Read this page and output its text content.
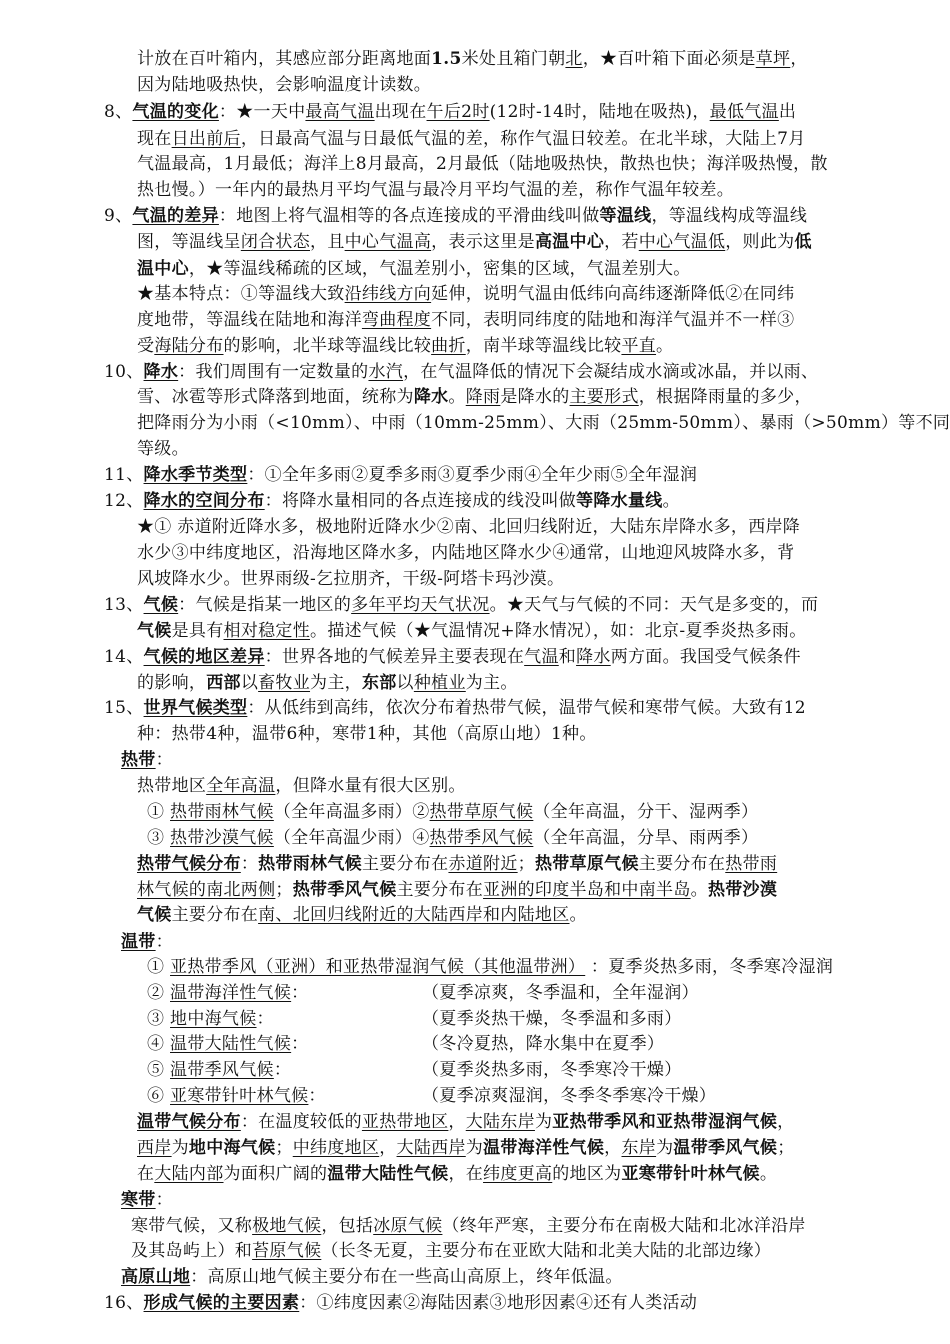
计放在百叶箱内，其感应部分距离地面1.5米处且箱门朝北，★百叶箱下面必须是草坪，
因为陆地吸热快，会影响温度计读数。
8、气温的变化：★一天中最高气温出现在午后2时(12时-14时，陆地在吸热)，最低气温出
现在日出前后，日最高气温与日最低气温的差，称作气温日较差。在北半球，大陆上7月
气温最高，1月最低；海洋上8月最高，2月最低（陆地吸热快，散热也快；海洋吸热慢，散
热也慢。）一年内的最热月平均气温与最冷月平均气温的差，称作气温年较差。
9、气温的差异：地图上将气温相等的各点连接成的平滑曲线叫做等温线，等温线构成等温线
图，等温线呈闭合状态，且中心气温高，表示这里是高温中心，若中心气温低，则此为低
温中心，★等温线稀疏的区域，气温差别小，密集的区域，气温差别大。
★基本特点：①等温线大致沿纬线方向延伸，说明气温由低纬向高纬逐渐降低②在同纬
度地带，等温线在陆地和海洋弯曲程度不同，表明同纬度的陆地和海洋气温并不一样③
受海陆分布的影响，北半球等温线比较曲折，南半球等温线比较平直。
10、降水：我们周围有一定数量的水汽，在气温降低的情况下会凝结成水滴或冰晶，并以雨、
雪、冰雹等形式降落到地面，统称为降水。降雨是降水的主要形式，根据降雨量的多少，
把降雨分为小雨（<10mm）、中雨（10mm-25mm）、大雨（25mm-50mm）、暴雨（>50mm）等不同
等级。
11、降水季节类型：①全年多雨②夏季多雨③夏季少雨④全年少雨⑤全年湿润
12、降水的空间分布：将降水量相同的各点连接成的线没叫做等降水量线。
★① 赤道附近降水多，极地附近降水少②南、北回归线附近，大陆东岸降水多，西岸降
水少③中纬度地区，沿海地区降水多，内陆地区降水少④通常，山地迎风坡降水多，背
风坡降水少。世界雨级-乞拉朋齐，干级-阿塔卡玛沙漠。
13、气候：气候是指某一地区的多年平均天气状况。★天气与气候的不同：天气是多变的，而
气候是具有相对稳定性。描述气候（★气温情况+降水情况），如：北京-夏季炎热多雨。
14、气候的地区差异：世界各地的气候差异主要表现在气温和降水两方面。我国受气候条件
的影响，西部以畜牧业为主，东部以种植业为主。
15、世界气候类型：从低纬到高纬，依次分布着热带气候，温带气候和寒带气候。大致有12
种：热带4种，温带6种，寒带1种，其他（高原山地）1种。
热带：
热带地区全年高温，但降水量有很大区别。
① 热带雨林气候（全年高温多雨）②热带草原气候（全年高温，分干、湿两季）
③ 热带沙漠气候（全年高温少雨）④热带季风气候（全年高温，分旱、雨两季）
热带气候分布：热带雨林气候主要分布在赤道附近；热带草原气候主要分布在热带雨
林气候的南北两侧；热带季风气候主要分布在亚洲的印度半岛和中南半岛。热带沙漠
气候主要分布在南、北回归线附近的大陆西岸和内陆地区。
温带：
① 亚热带季风（亚洲）和亚热带湿润气候（其他温带洲） ：夏季炎热多雨，冬季寒冷湿润
② 温带海洋性气候：
③ 地中海气候：
④ 温带大陆性气候：
⑤ 温带季风气候：
⑥ 亚寒带针叶林气候：
温带气候分布：在温度较低的亚热带地区，大陆东岸为亚热带季风和亚热带湿润气候，
西岸为地中海气候；中纬度地区，大陆西岸为温带海洋性气候，东岸为温带季风气候；
在大陆内部为面积广阔的温带大陆性气候，在纬度更高的地区为亚寒带针叶林气候。
寒带：
寒带气候，又称极地气候，包括冰原气候（终年严寒，主要分布在南极大陆和北冰洋沿岸
及其岛屿上）和苔原气候（长冬无夏，主要分布在亚欧大陆和北美大陆的北部边缘）
高原山地：高原山地气候主要分布在一些高山高原上，终年低温。
16、形成气候的主要因素：①纬度因素②海陆因素③地形因素④还有人类活动
（夏季凉爽，冬季温和，全年湿润）
（夏季炎热干燥，冬季温和多雨）
（冬冷夏热，降水集中在夏季）
（夏季炎热多雨，冬季寒冷干燥）
（夏季凉爽湿润，冬季冬季寒冷干燥）
